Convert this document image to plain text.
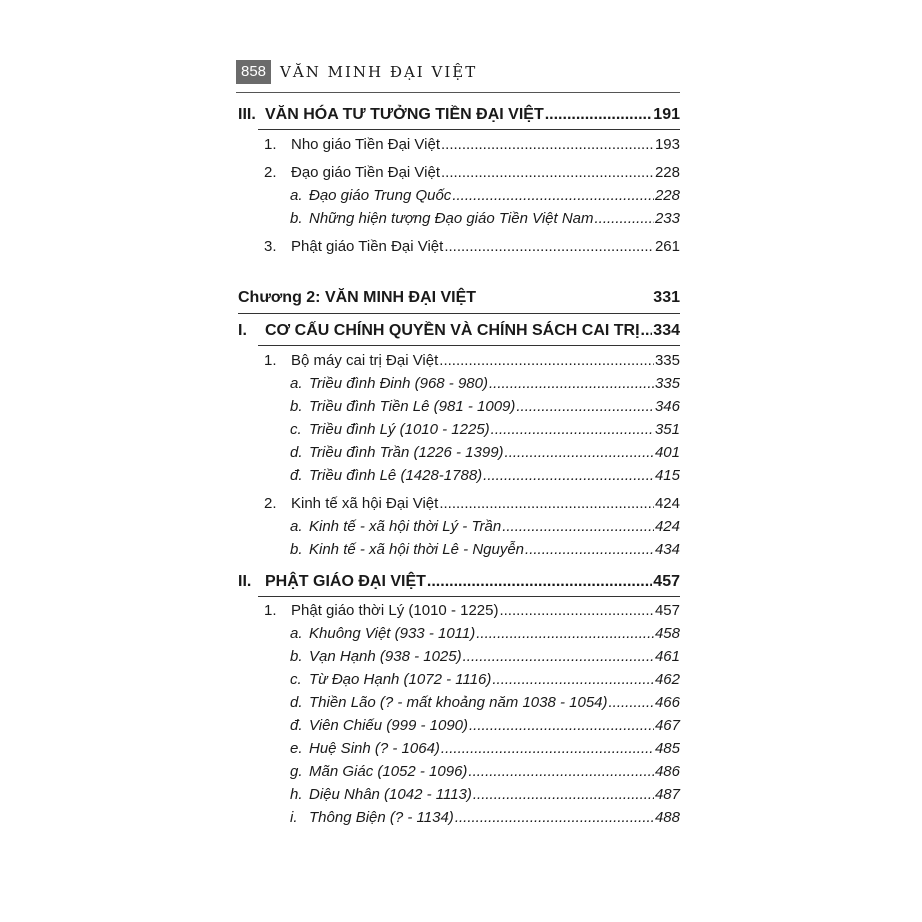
858 VĂN MINH ĐẠI VIỆT
III. VĂN HÓA TƯ TƯỞNG TIỀN ĐẠI VIỆT .....	191
1. Nho giáo Tiền Đại Việt .....	193
2. Đạo giáo Tiền Đại Việt .....	228
a. Đạo giáo Trung Quốc .....	228
b. Những hiện tượng Đạo giáo Tiền Việt Nam .....	233
3. Phật giáo Tiền Đại Việt .....	261
Chương 2: VĂN MINH ĐẠI VIỆT	331
I.	CƠ CẤU CHÍNH QUYỀN VÀ CHÍNH SÁCH CAI TRỊ ..... 334
1. Bộ máy cai trị Đại Việt .....	335
a. Triều đình Đinh (968 - 980) .....	335
b. Triều đình Tiền Lê (981 - 1009) .....	346
c. Triều đình Lý (1010 - 1225) .....	351
d. Triều đình Trần (1226 - 1399) .....	401
đ. Triều đình Lê (1428-1788) .....	415
2. Kinh tế xã hội Đại Việt .....	424
a. Kinh tế - xã hội thời Lý - Trần .....	424
b. Kinh tế - xã hội thời Lê - Nguyễn .....	434
II. PHẬT GIÁO ĐẠI VIỆT .....	457
1. Phật giáo thời Lý (1010 - 1225) .....	457
a. Khuông Việt (933 - 1011) .....	458
b. Vạn Hạnh (938 - 1025) .....	461
c. Từ Đạo Hạnh (1072 - 1116) .....	462
d. Thiền Lão (? - mất khoảng năm 1038 - 1054) .....	466
đ. Viên Chiếu (999 - 1090) .....	467
e. Huệ Sinh (? - 1064) .....	485
g. Mãn Giác (1052 - 1096) .....	486
h. Diệu Nhân (1042 - 1113) .....	487
i. Thông Biện (? - 1134) .....	488
